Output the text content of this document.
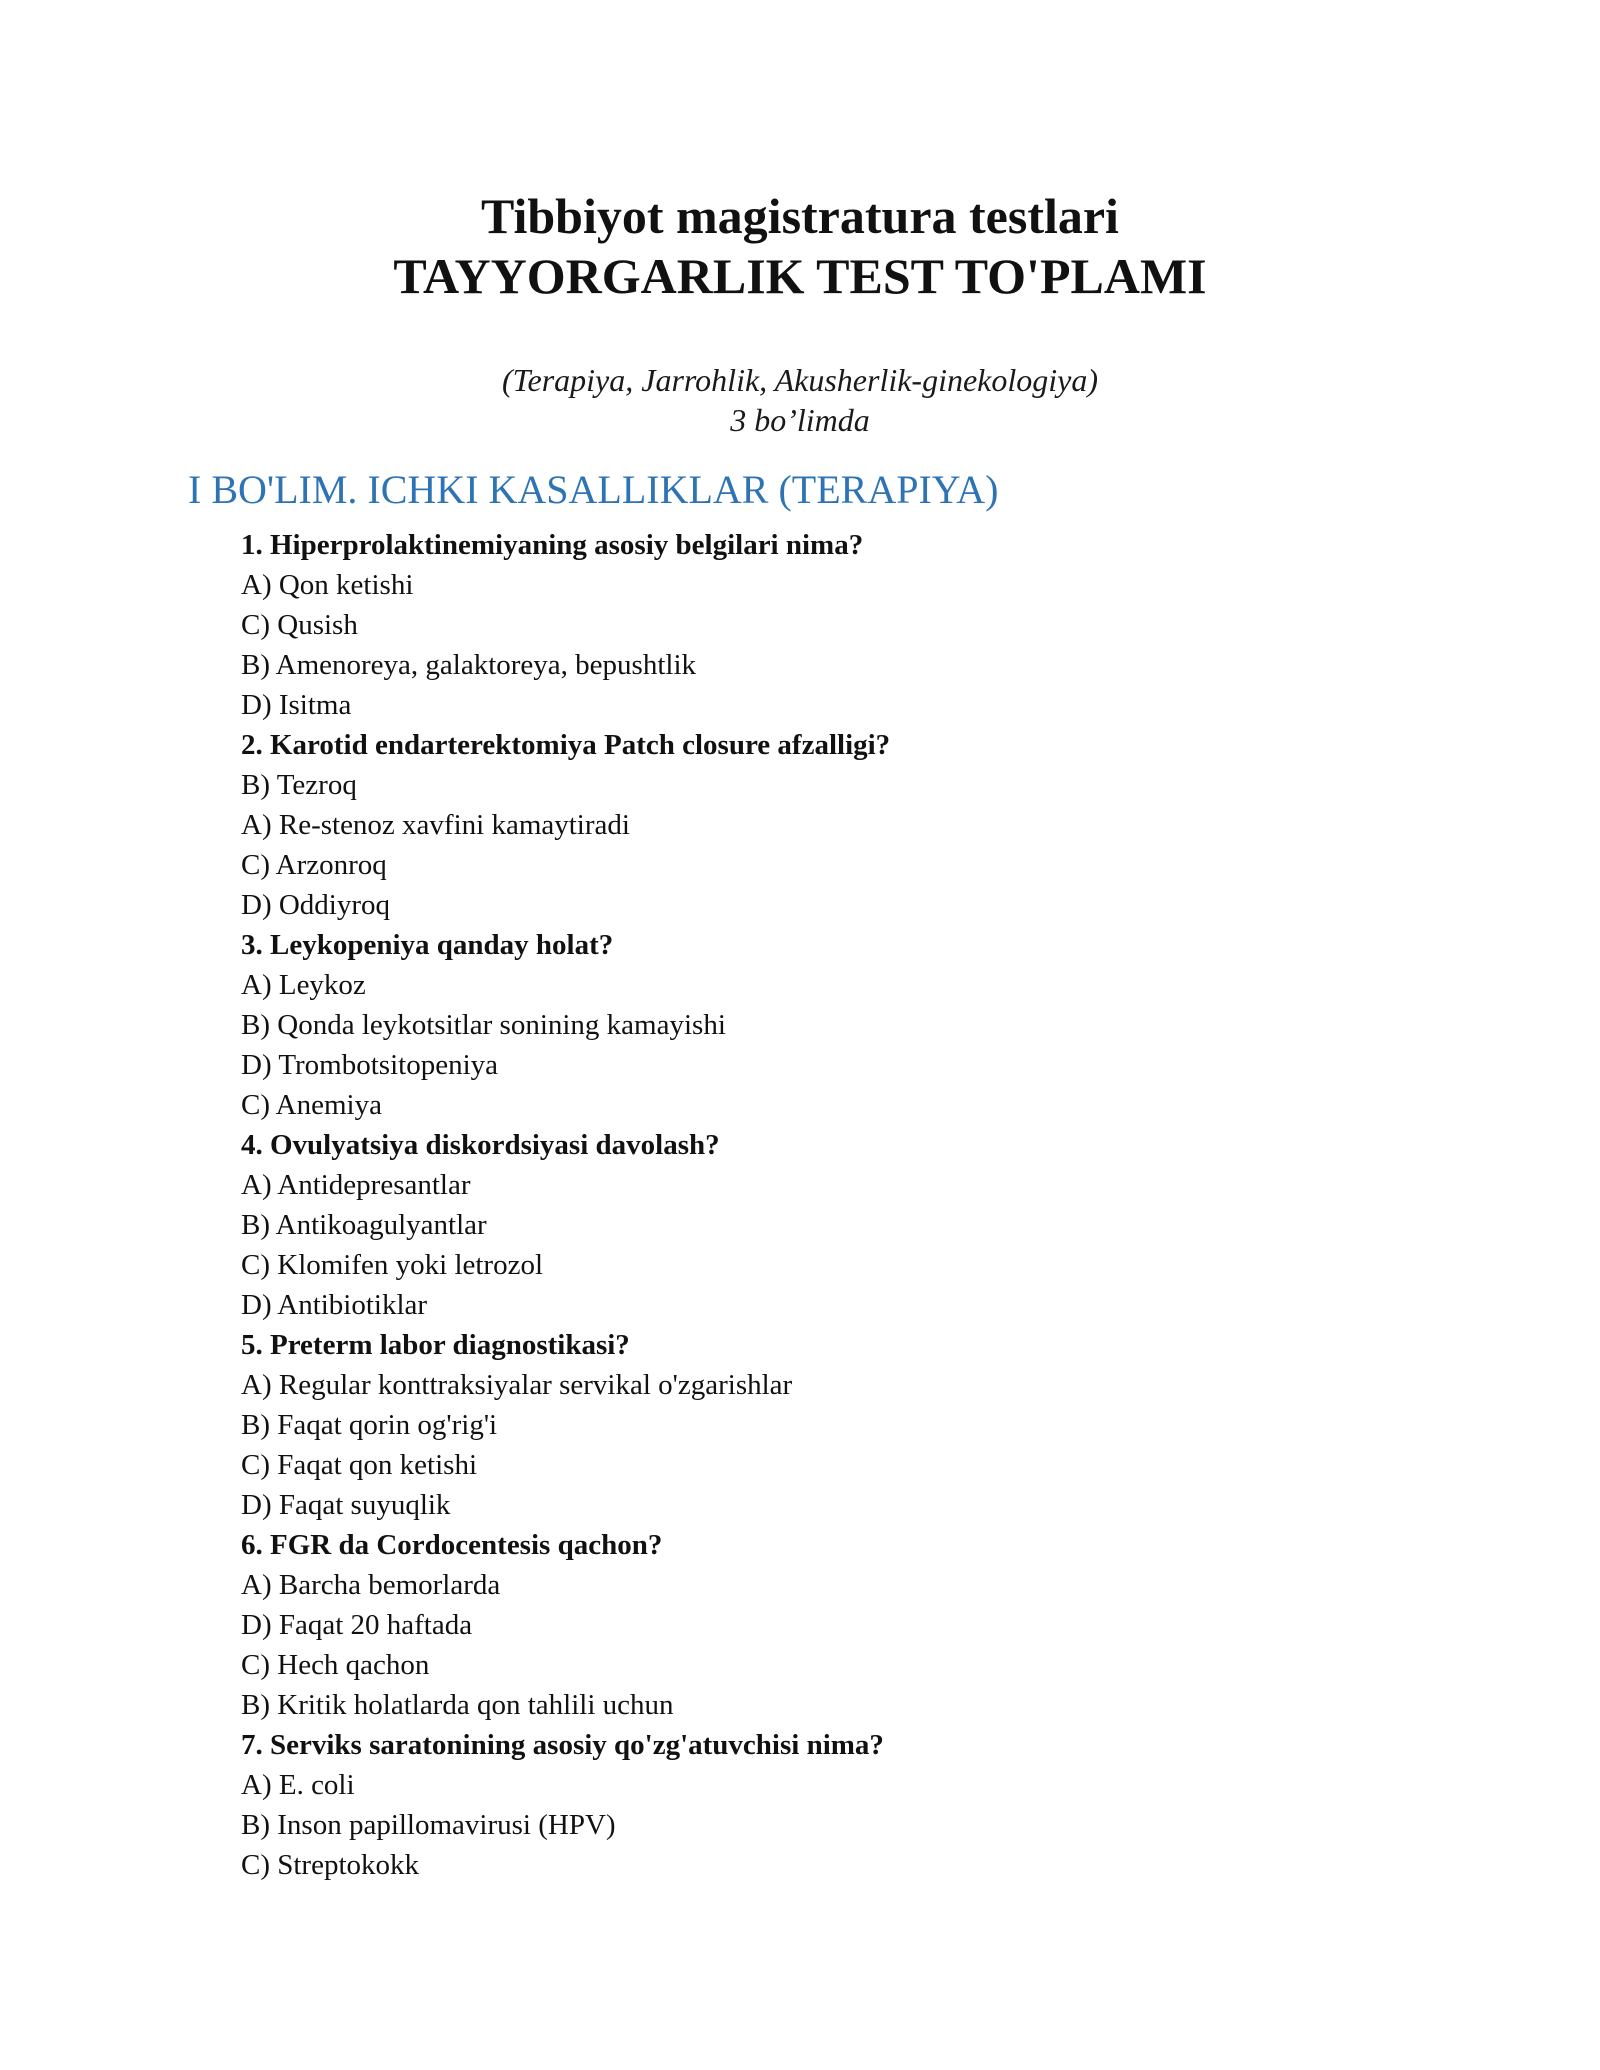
Tibbiyot magistratura testlari
TAYYORGARLIK TEST TO'PLAMI
(Terapiya, Jarrohlik, Akusherlik-ginekologiya)
3 bo’limda
I BO'LIM. ICHKI KASALLIKLAR (TERAPIYA)
1. Hiperprolaktinemiyaning asosiy belgilari nima?
A) Qon ketishi
C) Qusish
B) Amenoreya, galaktoreya, bepushtlik
D) Isitma
2. Karotid endarterektomiya Patch closure afzalligi?
B) Tezroq
A) Re-stenoz xavfini kamaytiradi
C) Arzonroq
D) Oddiyroq
3. Leykopeniya qanday holat?
A) Leykoz
B) Qonda leykotsitlar sonining kamayishi
D) Trombotsitopeniya
C) Anemiya
4. Ovulyatsiya diskordsiyasi davolash?
A) Antidepresantlar
B) Antikoagulyantlar
C) Klomifen yoki letrozol
D) Antibiotiklar
5. Preterm labor diagnostikasi?
A) Regular konttraksiyalar servikal o'zgarishlar
B) Faqat qorin og'rig'i
C) Faqat qon ketishi
D) Faqat suyuqlik
6. FGR da Cordocentesis qachon?
A) Barcha bemorlarda
D) Faqat 20 haftada
C) Hech qachon
B) Kritik holatlarda qon tahlili uchun
7. Serviks saratonining asosiy qo'zg'atuvchisi nima?
A) E. coli
B) Inson papillomavirusi (HPV)
C) Streptokokk
